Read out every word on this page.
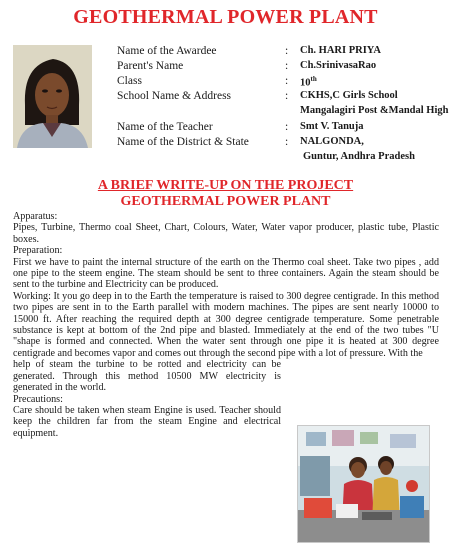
GEOTHERMAL POWER PLANT
Name of the Awardee	: Ch. HARI PRIYA
Parent's Name	: Ch.SrinivasaRao
Class	: 10th
School Name & Address	: CKHS,C Girls School
Mangalagiri Post &Mandal High
Name of the Teacher	: Smt V. Tanuja
Name of the District & State	: NALGONDA,
Guntur, Andhra Pradesh
A BRIEF WRITE-UP ON THE PROJECT
GEOTHERMAL POWER PLANT

Apparatus:

Pipes, Turbine, Thermo coal Sheet, Chart, Colours, Water, Water vapor producer, plastic tube, Plastic boxes.

Preparation:

First we have to paint the internal structure of the earth on the Thermo coal sheet. Take two pipes , add one pipe to the steem engine. The steam should be sent to three containers. Again the steam should be sent to the turbine and Electricity can be produced.

Working: It you go deep in to the Earth the temperature is raised to 300 degree centigrade. In this method two pipes are sent in to the Earth parallel with modern machines. The pipes are sent nearly 10000 to 15000 ft. After reaching the required depth at 300 degree centigrade temperature. Some penetrable substance is kept at bottom of the 2nd pipe and blasted. Immediately at the end of the two tubes "U "shape is formed and connected. When the water sent through one pipe it is heated at 300 degree centigrade and becomes vapor and comes out through the second pipe with a lot of pressure. With the

help of steam the turbine to be rotted and electricity can be generated. Through this method 10500 MW electricity is generated in the world.

Precautions:

Care should be taken when steam Engine is used. Teacher should keep the children far from the steam Engine and electrical equipment.
